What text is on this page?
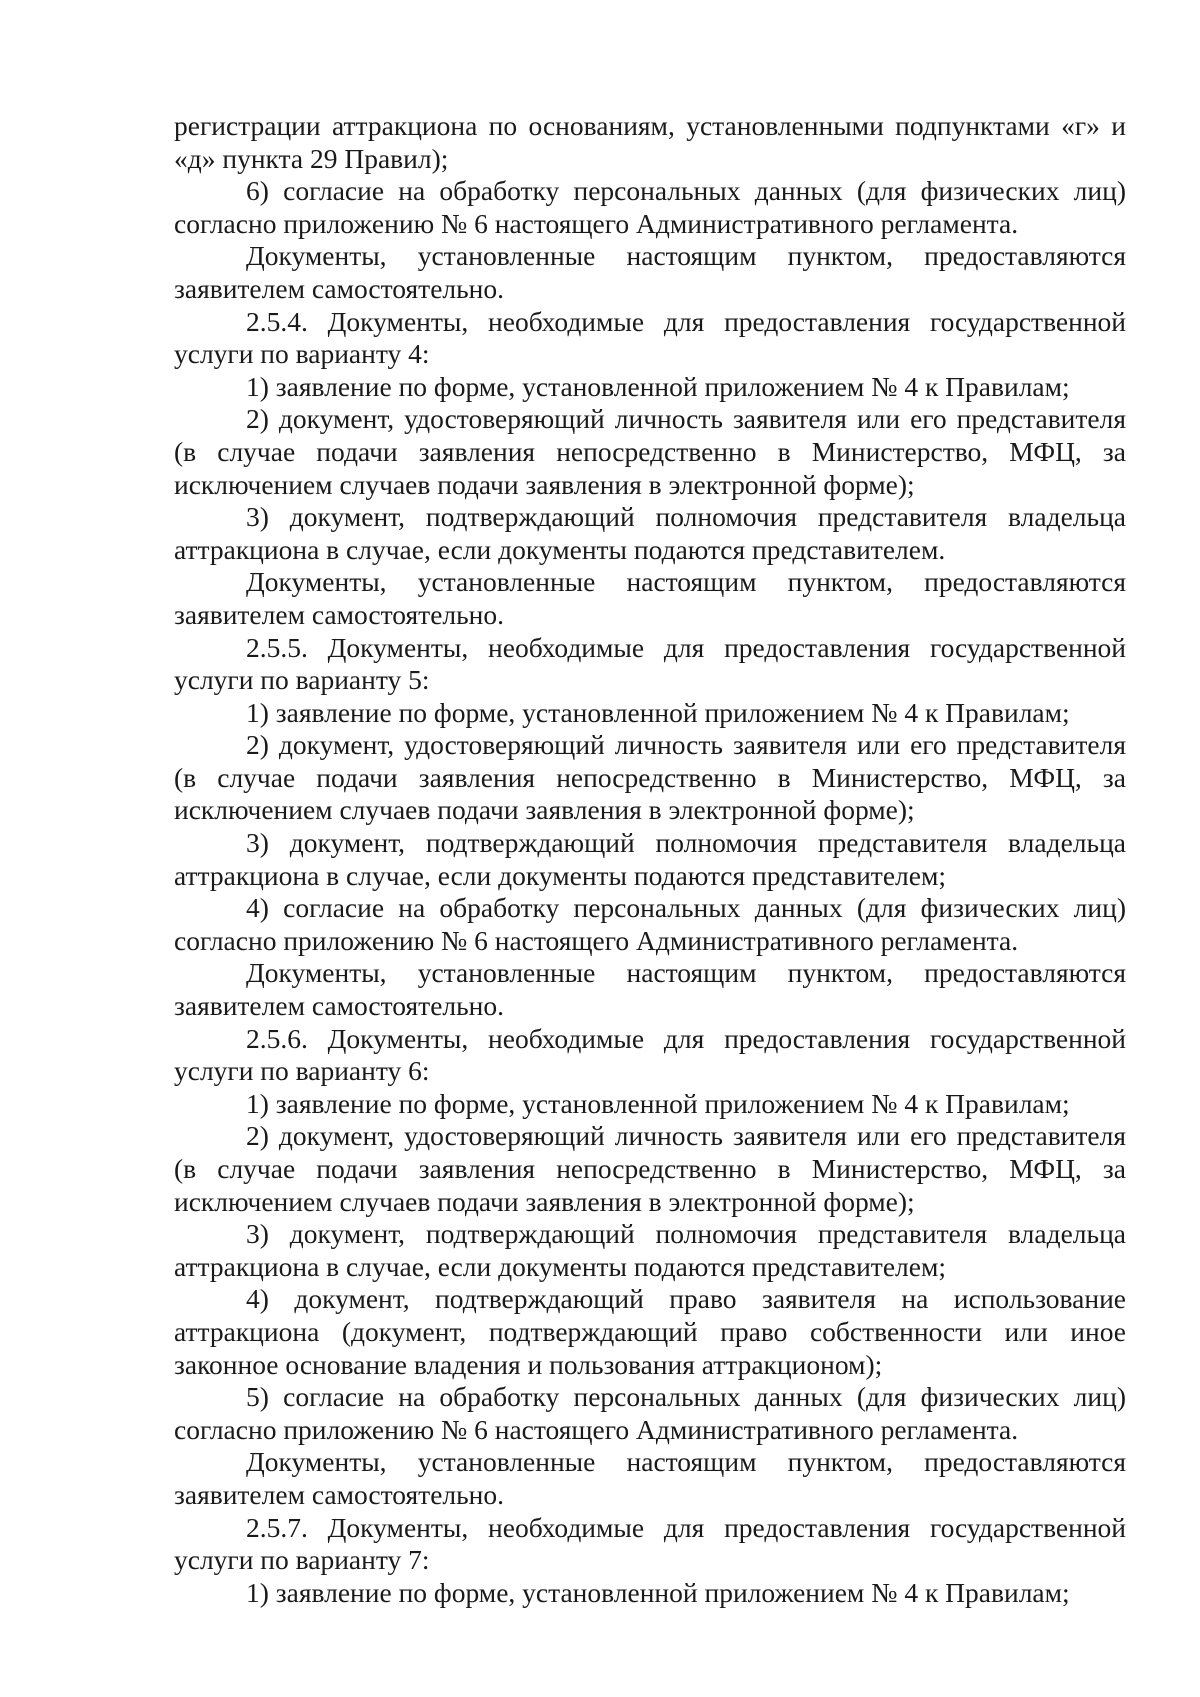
регистрации аттракциона по основаниям, установленными подпунктами «г» и «д» пункта 29 Правил);

6) согласие на обработку персональных данных (для физических лиц) согласно приложению № 6 настоящего Административного регламента.

Документы, установленные настоящим пунктом, предоставляются заявителем самостоятельно.

2.5.4. Документы, необходимые для предоставления государственной услуги по варианту 4:

1) заявление по форме, установленной приложением № 4 к Правилам;

2) документ, удостоверяющий личность заявителя или его представителя (в случае подачи заявления непосредственно в Министерство, МФЦ, за исключением случаев подачи заявления в электронной форме);

3) документ, подтверждающий полномочия представителя владельца аттракциона в случае, если документы подаются представителем.

Документы, установленные настоящим пунктом, предоставляются заявителем самостоятельно.

2.5.5. Документы, необходимые для предоставления государственной услуги по варианту 5:

1) заявление по форме, установленной приложением № 4 к Правилам;

2) документ, удостоверяющий личность заявителя или его представителя (в случае подачи заявления непосредственно в Министерство, МФЦ, за исключением случаев подачи заявления в электронной форме);

3) документ, подтверждающий полномочия представителя владельца аттракциона в случае, если документы подаются представителем;

4) согласие на обработку персональных данных (для физических лиц) согласно приложению № 6 настоящего Административного регламента.

Документы, установленные настоящим пунктом, предоставляются заявителем самостоятельно.

2.5.6. Документы, необходимые для предоставления государственной услуги по варианту 6:

1) заявление по форме, установленной приложением № 4 к Правилам;

2) документ, удостоверяющий личность заявителя или его представителя (в случае подачи заявления непосредственно в Министерство, МФЦ, за исключением случаев подачи заявления в электронной форме);

3) документ, подтверждающий полномочия представителя владельца аттракциона в случае, если документы подаются представителем;

4) документ, подтверждающий право заявителя на использование аттракциона (документ, подтверждающий право собственности или иное законное основание владения и пользования аттракционом);

5) согласие на обработку персональных данных (для физических лиц) согласно приложению № 6 настоящего Административного регламента.

Документы, установленные настоящим пунктом, предоставляются заявителем самостоятельно.

2.5.7. Документы, необходимые для предоставления государственной услуги по варианту 7:

1) заявление по форме, установленной приложением № 4 к Правилам;
